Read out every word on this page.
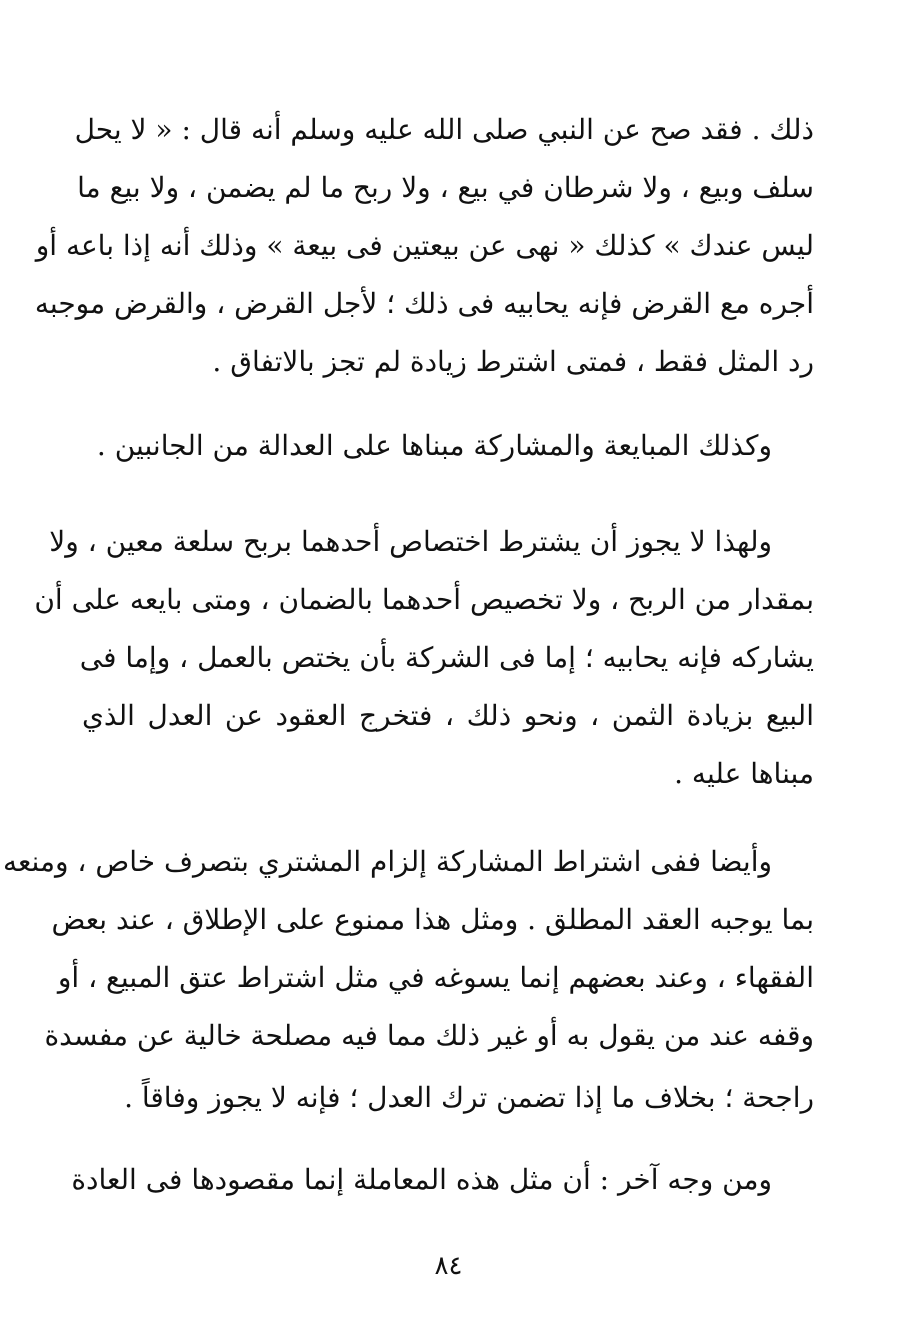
ذلك . فقد صح عن النبي صلى الله عليه وسلم أنه قال : « لا يحل
سلف وبيع ، ولا شرطان في بيع ، ولا ربح ما لم يضمن ، ولا بيع ما
ليس عندك » كذلك « نهى عن بيعتين فى بيعة » وذلك أنه إذا باعه أو
أجره مع القرض فإنه يحابيه فى ذلك ؛ لأجل القرض ، والقرض موجبه
رد المثل فقط ، فمتى اشترط زيادة لم تجز بالاتفاق .
وكذلك المبايعة والمشاركة مبناها على العدالة من الجانبين .
ولهذا لا يجوز أن يشترط اختصاص أحدهما بربح سلعة معين ، ولا
بمقدار من الربح ، ولا تخصيص أحدهما بالضمان ، ومتى بايعه على أن
يشاركه فإنه يحابيه ؛ إما فى الشركة بأن يختص بالعمل ، وإما فى
البيع بزيادة الثمن ، ونحو ذلك ، فتخرج العقود عن العدل الذي
مبناها عليه .
وأيضا ففى اشتراط المشاركة إلزام المشتري بتصرف خاص ، ومنعه
بما يوجبه العقد المطلق . ومثل هذا ممنوع على الإطلاق ، عند بعض
الفقهاء ، وعند بعضهم إنما يسوغه في مثل اشتراط عتق المبيع ، أو
وقفه عند من يقول به أو غير ذلك مما فيه مصلحة خالية عن مفسدة
راجحة ؛ بخلاف ما إذا تضمن ترك العدل ؛ فإنه لا يجوز وفاقاً .
ومن وجه آخر : أن مثل هذه المعاملة إنما مقصودها فى العادة
٨٤
